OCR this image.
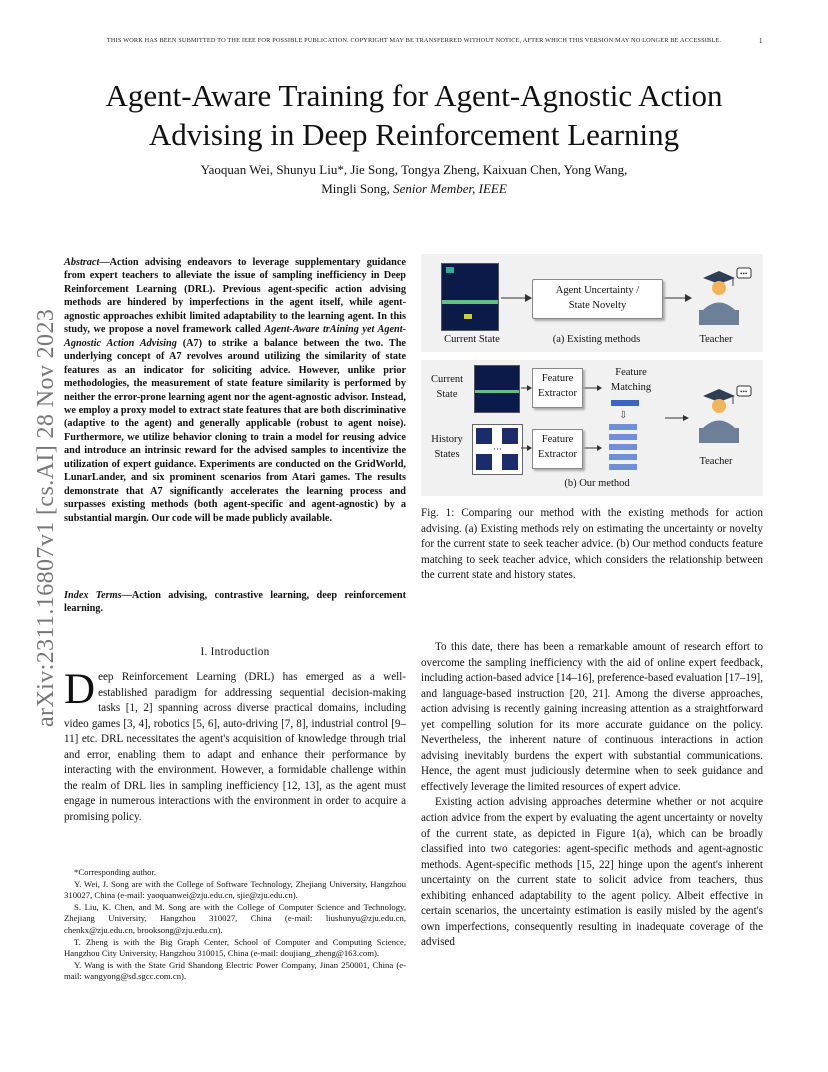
THIS WORK HAS BEEN SUBMITTED TO THE IEEE FOR POSSIBLE PUBLICATION. COPYRIGHT MAY BE TRANSFERRED WITHOUT NOTICE, AFTER WHICH THIS VERSION MAY NO LONGER BE ACCESSIBLE.	1
arXiv:2311.16807v1 [cs.AI] 28 Nov 2023
Agent-Aware Training for Agent-Agnostic Action
Advising in Deep Reinforcement Learning
Yaoquan Wei, Shunyu Liu*, Jie Song, Tongya Zheng, Kaixuan Chen, Yong Wang,
Mingli Song, Senior Member, IEEE
Abstract—Action advising endeavors to leverage supplementary guidance from expert teachers to alleviate the issue of sampling inefficiency in Deep Reinforcement Learning (DRL). Previous agent-specific action advising methods are hindered by imperfections in the agent itself, while agent-agnostic approaches exhibit limited adaptability to the learning agent. In this study, we propose a novel framework called Agent-Aware trAining yet Agent-Agnostic Action Advising (A7) to strike a balance between the two. The underlying concept of A7 revolves around utilizing the similarity of state features as an indicator for soliciting advice. However, unlike prior methodologies, the measurement of state feature similarity is performed by neither the error-prone learning agent nor the agent-agnostic advisor. Instead, we employ a proxy model to extract state features that are both discriminative (adaptive to the agent) and generally applicable (robust to agent noise). Furthermore, we utilize behavior cloning to train a model for reusing advice and introduce an intrinsic reward for the advised samples to incentivize the utilization of expert guidance. Experiments are conducted on the GridWorld, LunarLander, and six prominent scenarios from Atari games. The results demonstrate that A7 significantly accelerates the learning process and surpasses existing methods (both agent-specific and agent-agnostic) by a substantial margin. Our code will be made publicly available.
Index Terms—Action advising, contrastive learning, deep reinforcement learning.
I. Introduction
Deep Reinforcement Learning (DRL) has emerged as a well-established paradigm for addressing sequential decision-making tasks [1, 2] spanning across diverse practical domains, including video games [3, 4], robotics [5, 6], auto-driving [7, 8], industrial control [9–11] etc. DRL necessitates the agent's acquisition of knowledge through trial and error, enabling them to adapt and enhance their performance by interacting with the environment. However, a formidable challenge within the realm of DRL lies in sampling inefficiency [12, 13], as the agent must engage in numerous interactions with the environment in order to acquire a promising policy.

*Corresponding author.

Y. Wei, J. Song are with the College of Software Technology, Zhejiang University, Hangzhou 310027, China (e-mail: yaoquanwei@zju.edu.cn, sjie@zju.edu.cn).

S. Liu, K. Chen, and M. Song are with the College of Computer Science and Technology, Zhejiang University, Hangzhou 310027, China (e-mail: liushunyu@zju.edu.cn, chenkx@zju.edu.cn, brooksong@zju.edu.cn).

T. Zheng is with the Big Graph Center, School of Computer and Computing Science, Hangzhou City University, Hangzhou 310015, China (e-mail: doujiang_zheng@163.com).

Y. Wang is with the State Grid Shandong Electric Power Company, Jinan 250001, China (e-mail: wangyong@sd.sgcc.com.cn).

Agent Uncertainty /
State Novelty
•••
Current State	(a) Existing methods	Teacher
Current
State
History
States	···
Feature
Extractor
Feature
Extractor
Feature
Matching
⇩
•••
Teacher
(b) Our method
Fig. 1: Comparing our method with the existing methods for action advising. (a) Existing methods rely on estimating the uncertainty or novelty for the current state to seek teacher advice. (b) Our method conducts feature matching to seek teacher advice, which considers the relationship between the current state and history states.

To this date, there has been a remarkable amount of research effort to overcome the sampling inefficiency with the aid of online expert feedback, including action-based advice [14–16], preference-based evaluation [17–19], and language-based instruction [20, 21]. Among the diverse approaches, action advising is recently gaining increasing attention as a straightforward yet compelling solution for its more accurate guidance on the policy. Nevertheless, the inherent nature of continuous interactions in action advising inevitably burdens the expert with substantial communications. Hence, the agent must judiciously determine when to seek guidance and effectively leverage the limited resources of expert advice.

Existing action advising approaches determine whether or not acquire action advice from the expert by evaluating the agent uncertainty or novelty of the current state, as depicted in Figure 1(a), which can be broadly classified into two categories: agent-specific methods and agent-agnostic methods. Agent-specific methods [15, 22] hinge upon the agent's inherent uncertainty on the current state to solicit advice from teachers, thus exhibiting enhanced adaptability to the agent policy. Albeit effective in certain scenarios, the uncertainty estimation is easily misled by the agent's own imperfections, consequently resulting in inadequate coverage of the advised
